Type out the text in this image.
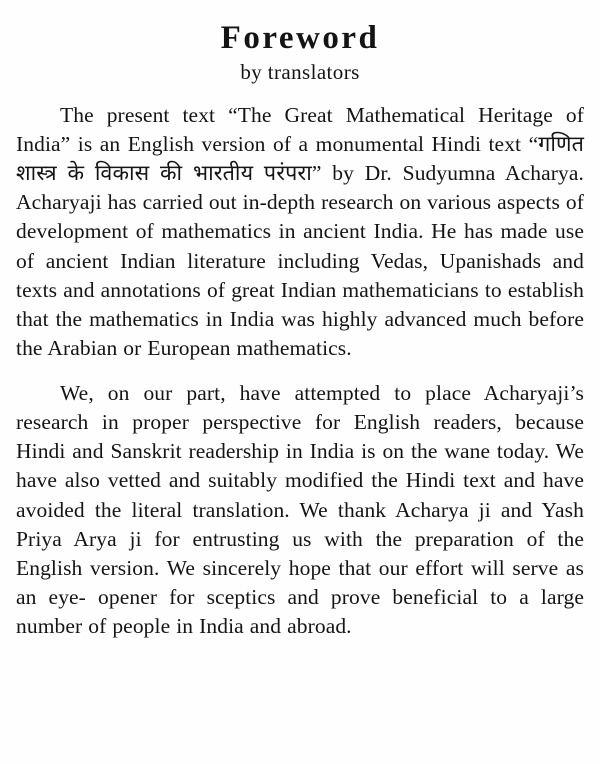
Foreword
by translators

The present text “The Great Mathematical Heritage of India” is an English version of a monumental Hindi text “गणित शास्त्र के विकास की भारतीय परंपरा” by Dr. Sudyumna Acharya. Acharyaji has carried out in-depth research on various aspects of development of mathematics in ancient India. He has made use of ancient Indian literature including Vedas, Upanishads and texts and annotations of great Indian mathematicians to establish that the mathematics in India was highly advanced much before the Arabian or European mathematics.

We, on our part, have attempted to place Acharyaji’s research in proper perspective for English readers, because Hindi and Sanskrit readership in India is on the wane today. We have also vetted and suitably modified the Hindi text and have avoided the literal translation. We thank Acharya ji and Yash Priya Arya ji for entrusting us with the preparation of the English version. We sincerely hope that our effort will serve as an eye- opener for sceptics and prove beneficial to a large number of people in India and abroad.
